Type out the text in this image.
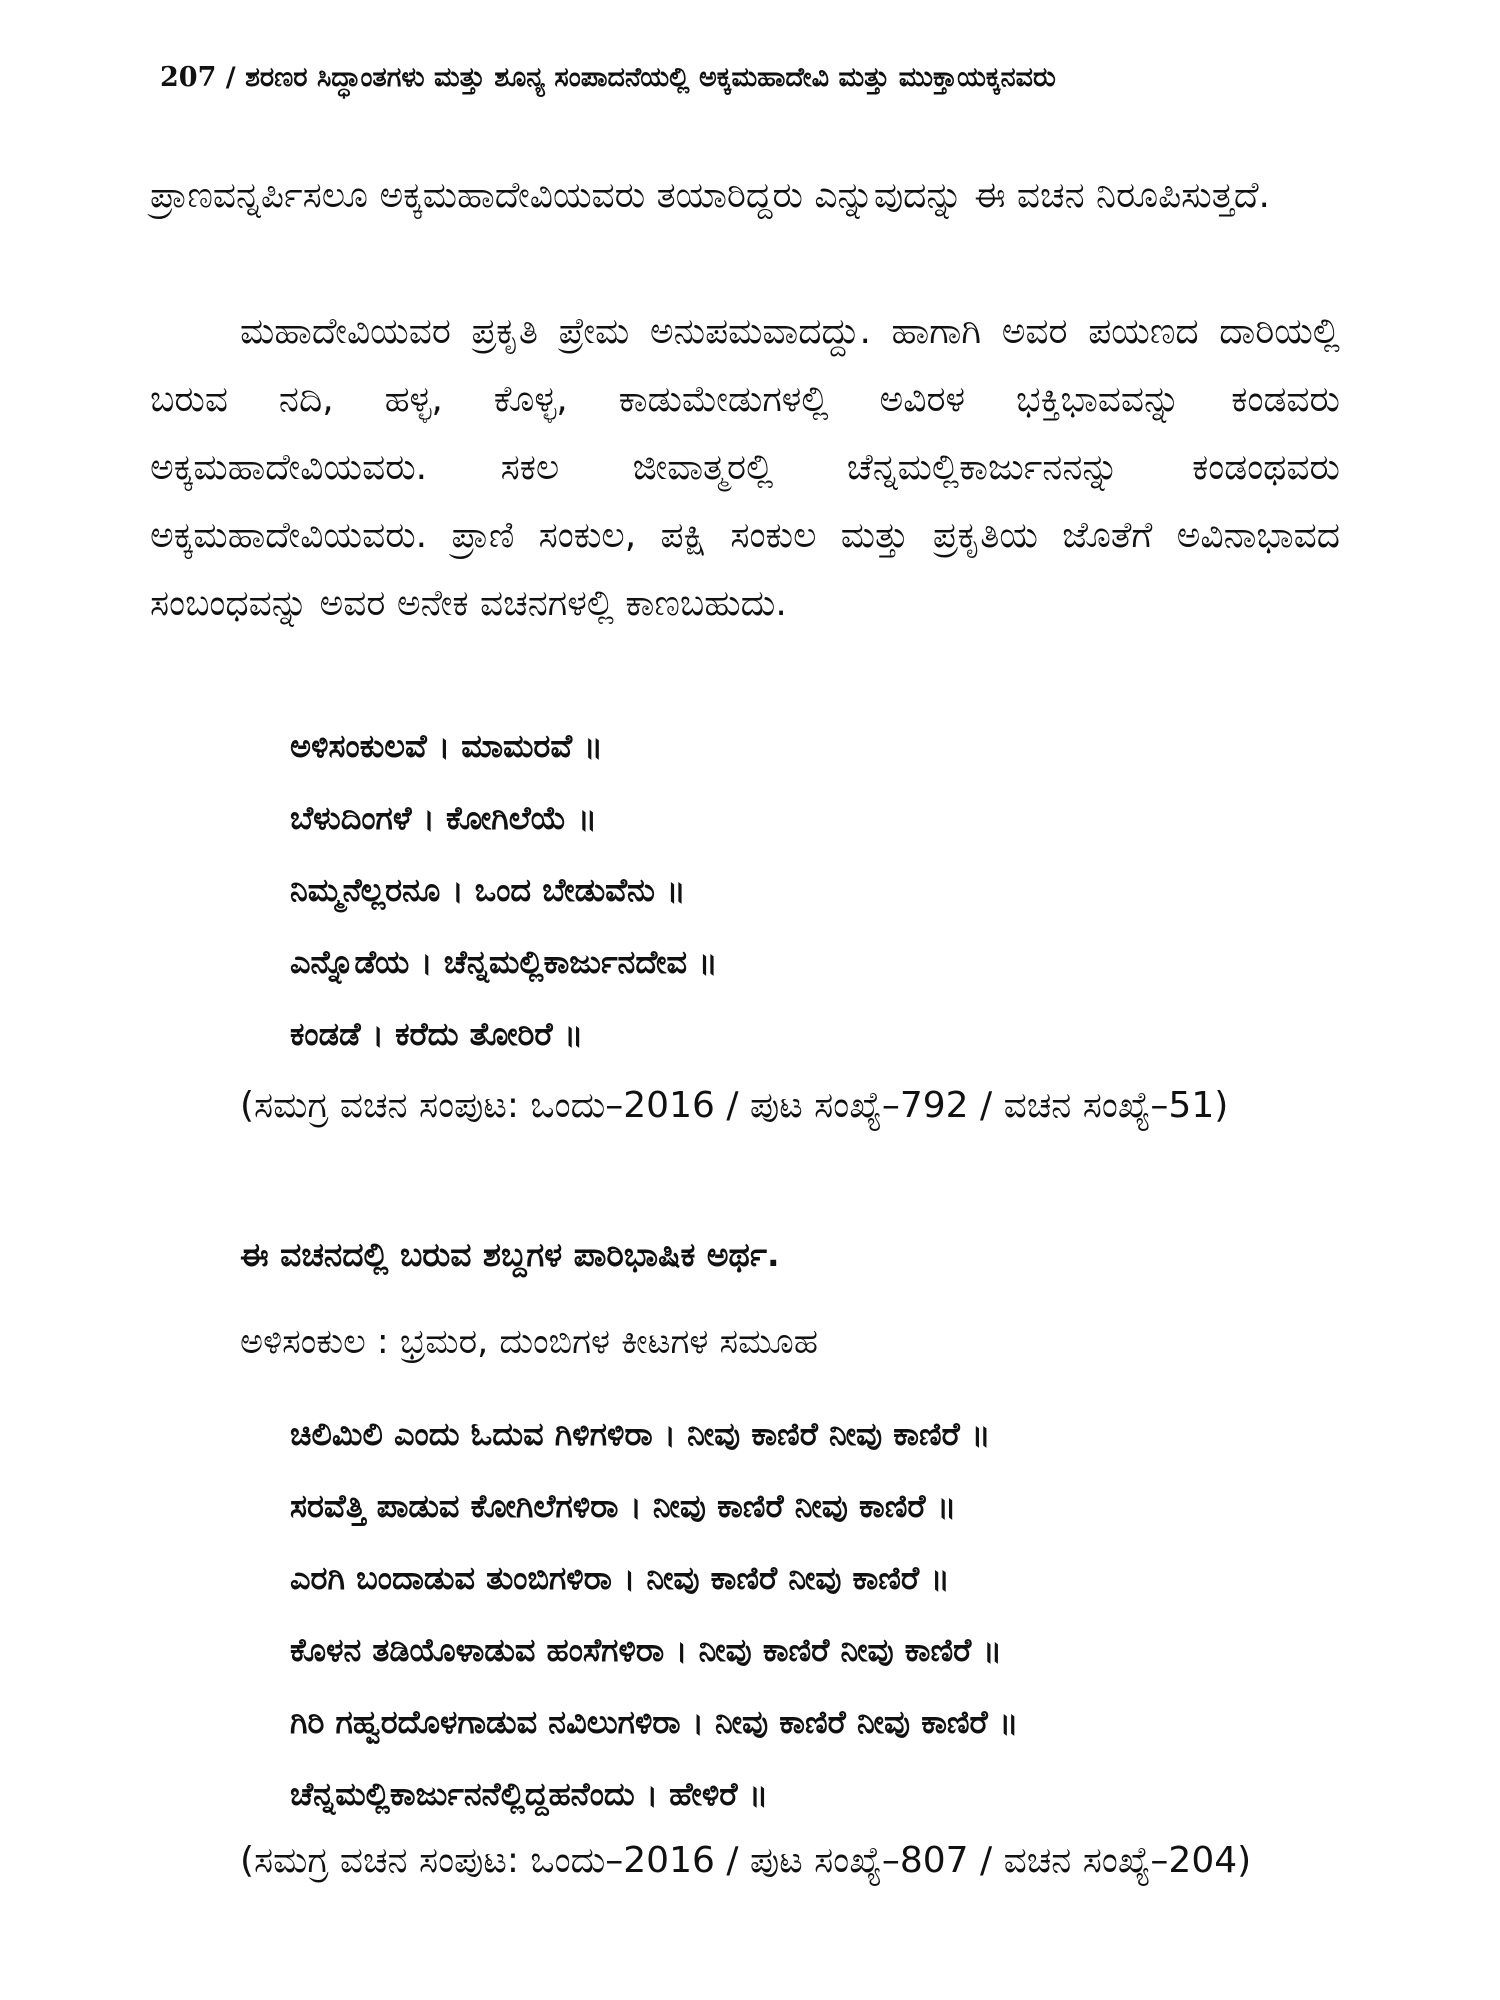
207 / ಶರಣರ ಸಿದ್ಧಾಂತಗಳು ಮತ್ತು ಶೂನ್ಯ ಸಂಪಾದನೆಯಲ್ಲಿ ಅಕ್ಕಮಹಾದೇವಿ ಮತ್ತು ಮುಕ್ತಾಯಕ್ಕನವರು

ಪ್ರಾಣವನ್ನರ್ಪಿಸಲೂ ಅಕ್ಕಮಹಾದೇವಿಯವರು ತಯಾರಿದ್ದರು ಎನ್ನುವುದನ್ನು ಈ ವಚನ ನಿರೂಪಿಸುತ್ತದೆ.

ಮಹಾದೇವಿಯವರ ಪ್ರಕೃತಿ ಪ್ರೇಮ ಅನುಪಮವಾದದ್ದು. ಹಾಗಾಗಿ ಅವರ ಪಯಣದ ದಾರಿಯಲ್ಲಿ ಬರುವ ನದಿ, ಹಳ್ಳ, ಕೊಳ್ಳ, ಕಾಡುಮೇಡುಗಳಲ್ಲಿ ಅವಿರಳ ಭಕ್ತಿಭಾವವನ್ನು ಕಂಡವರು ಅಕ್ಕಮಹಾದೇವಿಯವರು. ಸಕಲ ಜೀವಾತ್ಮರಲ್ಲಿ ಚೆನ್ನಮಲ್ಲಿಕಾರ್ಜುನನನ್ನು ಕಂಡಂಥವರು ಅಕ್ಕಮಹಾದೇವಿಯವರು. ಪ್ರಾಣಿ ಸಂಕುಲ, ಪಕ್ಷಿ ಸಂಕುಲ ಮತ್ತು ಪ್ರಕೃತಿಯ ಜೊತೆಗೆ ಅವಿನಾಭಾವದ ಸಂಬಂಧವನ್ನು ಅವರ ಅನೇಕ ವಚನಗಳಲ್ಲಿ ಕಾಣಬಹುದು.

ಅಳಿಸಂಕುಲವೆ । ಮಾಮರವೆ ॥
ಬೆಳುದಿಂಗಳೆ । ಕೋಗಿಲೆಯೆ ॥
ನಿಮ್ಮನೆಲ್ಲರನೂ । ಒಂದ ಬೇಡುವೆನು ॥
ಎನ್ನೊಡೆಯ । ಚೆನ್ನಮಲ್ಲಿಕಾರ್ಜುನದೇವ ॥
ಕಂಡಡೆ । ಕರೆದು ತೋರಿರೆ ॥

(ಸಮಗ್ರ ವಚನ ಸಂಪುಟ: ಒಂದು–2016 / ಪುಟ ಸಂಖ್ಯೆ–792 / ವಚನ ಸಂಖ್ಯೆ–51)

ಈ ವಚನದಲ್ಲಿ ಬರುವ ಶಬ್ದಗಳ ಪಾರಿಭಾಷಿಕ ಅರ್ಥ.
ಅಳಿಸಂಕುಲ : ಭ್ರಮರ, ದುಂಬಿಗಳ ಕೀಟಗಳ ಸಮೂಹ
ಚಿಲಿಮಿಲಿ ಎಂದು ಓದುವ ಗಿಳಿಗಳಿರಾ । ನೀವು ಕಾಣಿರೆ ನೀವು ಕಾಣಿರೆ ॥
ಸರವೆತ್ತಿ ಪಾಡುವ ಕೋಗಿಲೆಗಳಿರಾ । ನೀವು ಕಾಣಿರೆ ನೀವು ಕಾಣಿರೆ ॥
ಎರಗಿ ಬಂದಾಡುವ ತುಂಬಿಗಳಿರಾ । ನೀವು ಕಾಣಿರೆ ನೀವು ಕಾಣಿರೆ ॥
ಕೊಳನ ತಡಿಯೊಳಾಡುವ ಹಂಸೆಗಳಿರಾ । ನೀವು ಕಾಣಿರೆ ನೀವು ಕಾಣಿರೆ ॥
ಗಿರಿ ಗಹ್ವರದೊಳಗಾಡುವ ನವಿಲುಗಳಿರಾ । ನೀವು ಕಾಣಿರೆ ನೀವು ಕಾಣಿರೆ ॥
ಚೆನ್ನಮಲ್ಲಿಕಾರ್ಜುನನೆಲ್ಲಿದ್ದಹನೆಂದು । ಹೇಳಿರೆ ॥

(ಸಮಗ್ರ ವಚನ ಸಂಪುಟ: ಒಂದು–2016 / ಪುಟ ಸಂಖ್ಯೆ–807 / ವಚನ ಸಂಖ್ಯೆ–204)
